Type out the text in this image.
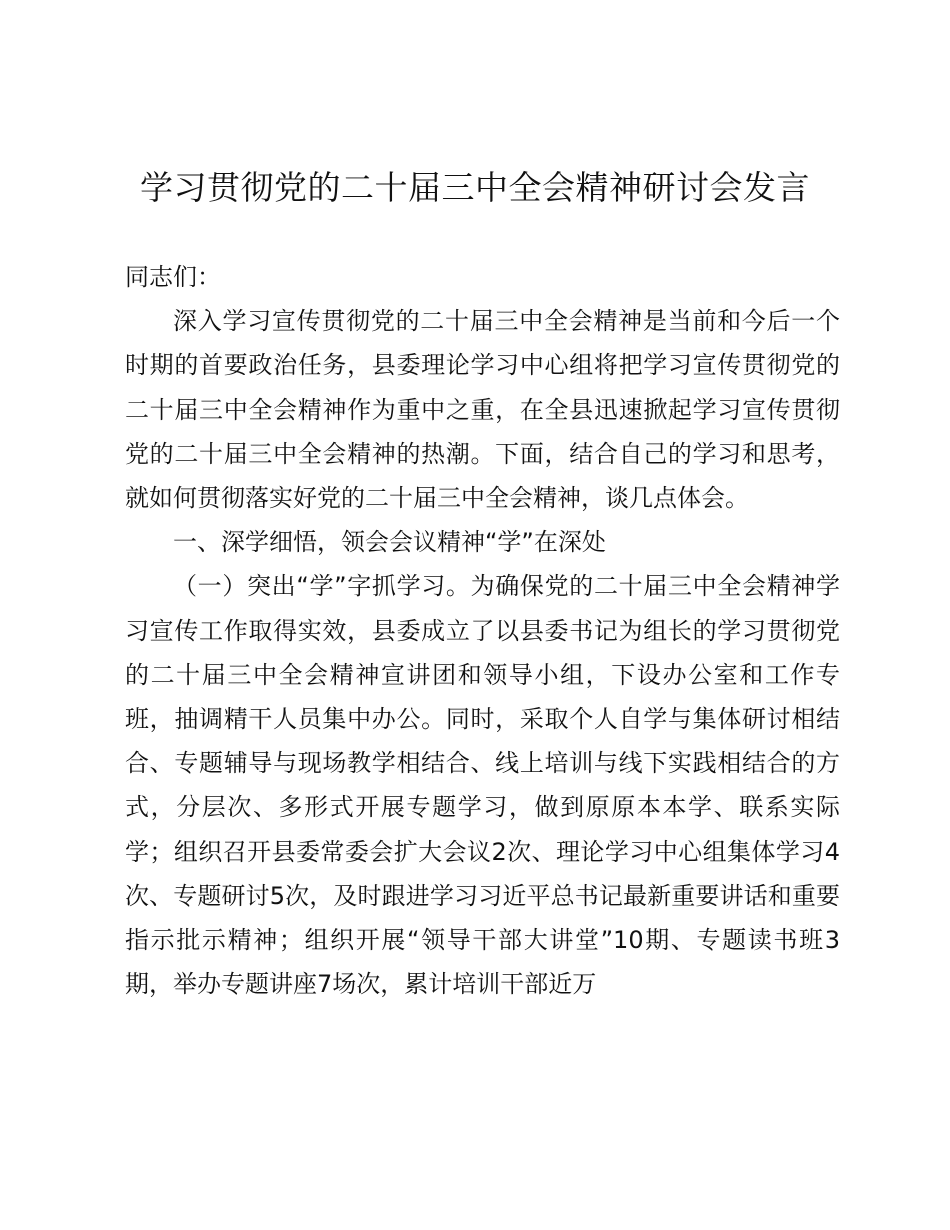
学习贯彻党的二十届三中全会精神研讨会发言

同志们：

深入学习宣传贯彻党的二十届三中全会精神是当前和今后一个时期的首要政治任务，县委理论学习中心组将把学习宣传贯彻党的二十届三中全会精神作为重中之重，在全县迅速掀起学习宣传贯彻党的二十届三中全会精神的热潮。下面，结合自己的学习和思考，就如何贯彻落实好党的二十届三中全会精神，谈几点体会。

一、深学细悟，领会会议精神“学”在深处

（一）突出“学”字抓学习。为确保党的二十届三中全会精神学习宣传工作取得实效，县委成立了以县委书记为组长的学习贯彻党的二十届三中全会精神宣讲团和领导小组，下设办公室和工作专班，抽调精干人员集中办公。同时，采取个人自学与集体研讨相结合、专题辅导与现场教学相结合、线上培训与线下实践相结合的方式，分层次、多形式开展专题学习，做到原原本本学、联系实际学；组织召开县委常委会扩大会议2次、理论学习中心组集体学习4次、专题研讨5次，及时跟进学习习近平总书记最新重要讲话和重要指示批示精神；组织开展“领导干部大讲堂”10期、专题读书班3期，举办专题讲座7场次，累计培训干部近万
